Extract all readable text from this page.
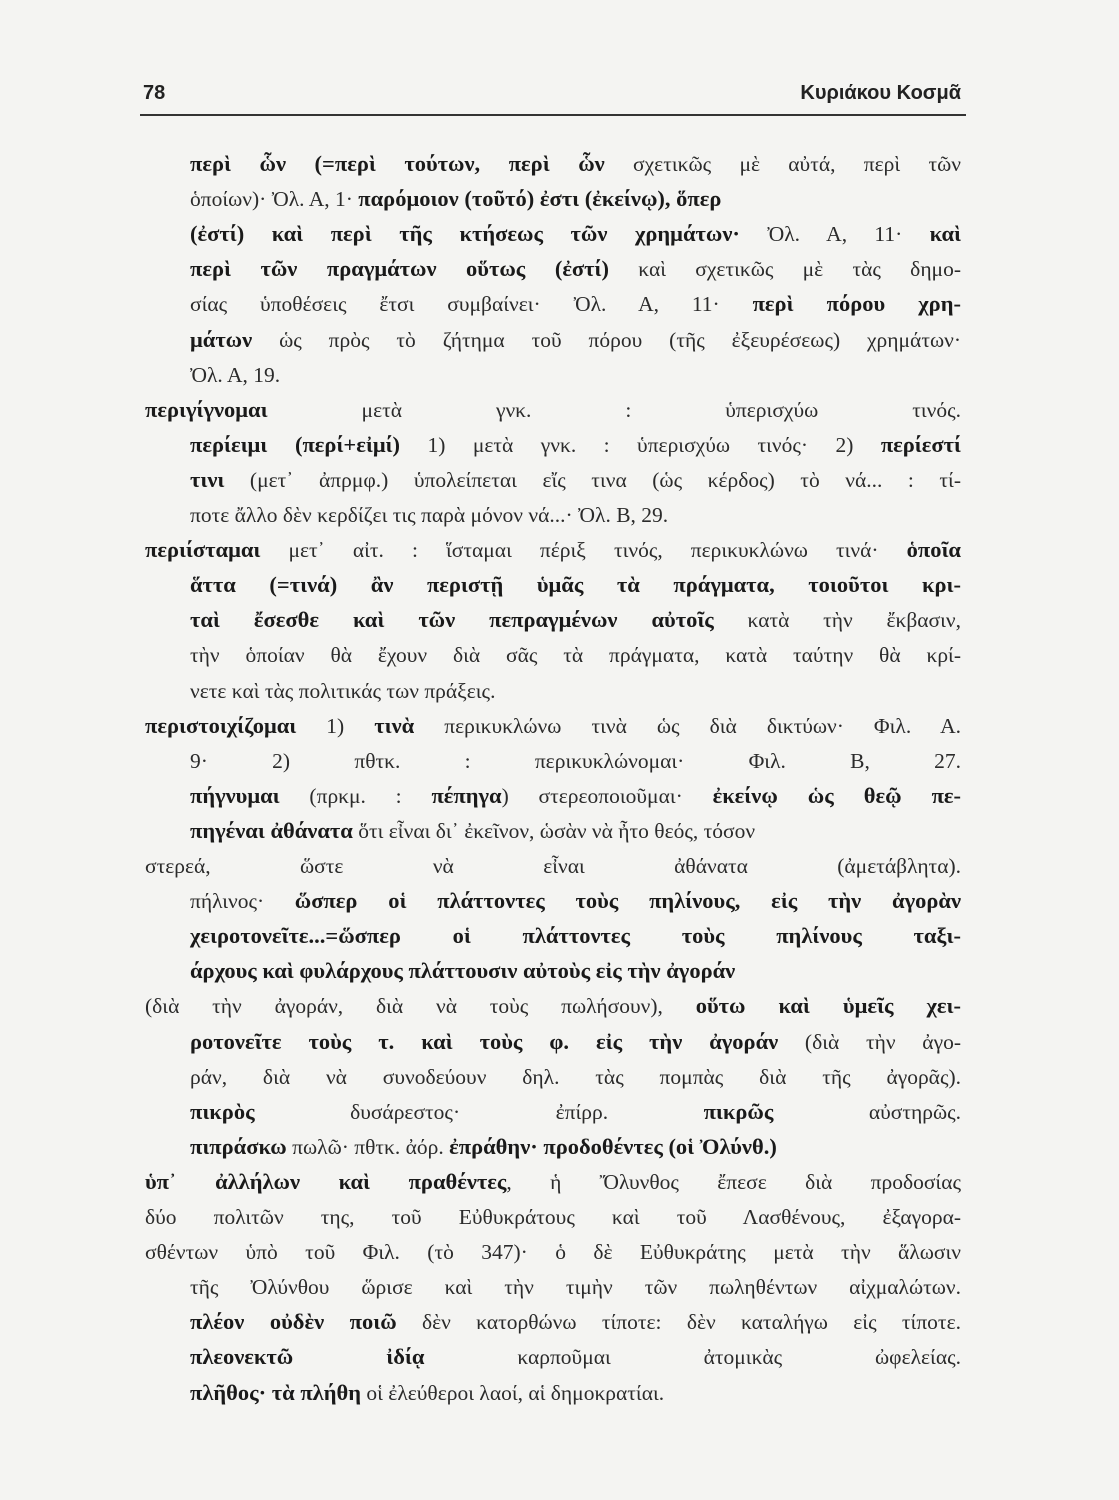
78	Κυριάκου Κοσμᾶ
περὶ ὧν (=περὶ τούτων, περὶ ὧν σχετικῶς μὲ αὐτά, περὶ τῶν
ὁποίων)· Ὀλ. Α, 1· παρόμοιον (τοῦτό) ἐστι (ἐκείνῳ), ὅπερ
(ἐστί) καὶ περὶ τῆς κτήσεως τῶν χρημάτων· Ὀλ. Α, 11· καὶ
περὶ τῶν πραγμάτων οὕτως (ἐστί) καὶ σχετικῶς μὲ τὰς δημο-
σίας ὑποθέσεις ἔτσι συμβαίνει· Ὀλ. Α, 11· περὶ πόρου χρη-
μάτων ὡς πρὸς τὸ ζήτημα τοῦ πόρου (τῆς ἐξευρέσεως) χρημάτων·
Ὀλ. Α, 19.
περιγίγνομαι μετὰ γνκ. : ὑπερισχύω τινός.
περίειμι (περί+εἰμί) 1) μετὰ γνκ. : ὑπερισχύω τινός· 2) περίεστί
τινι (μετ᾽ ἀπρμφ.) ὑπολείπεται εἴς τινα (ὡς κέρδος) τὸ νά... : τί-
ποτε ἄλλο δὲν κερδίζει τις παρὰ μόνον νά...· Ὀλ. Β, 29.
περιίσταμαι μετ᾽ αἰτ. : ἵσταμαι πέριξ τινός, περικυκλώνω τινά· ὁποῖα
ἅττα (=τινά) ἂν περιστῇ ὑμᾶς τὰ πράγματα, τοιοῦτοι κρι-
ταὶ ἔσεσθε καὶ τῶν πεπραγμένων αὐτοῖς κατὰ τὴν ἔκβασιν,
τὴν ὁποίαν θὰ ἔχουν διὰ σᾶς τὰ πράγματα, κατὰ ταύτην θὰ κρί-
νετε καὶ τὰς πολιτικάς των πράξεις.
περιστοιχίζομαι 1) τινὰ περικυκλώνω τινὰ ὡς διὰ δικτύων· Φιλ. Α.
9· 2) πθτκ. : περικυκλώνομαι· Φιλ. Β, 27.
πήγνυμαι (πρκμ. : πέπηγα) στερεοποιοῦμαι· ἐκείνῳ ὡς θεῷ πε-
πηγέναι ἀθάνατα ὅτι εἶναι δι᾽ ἐκεῖνον, ὡσὰν νὰ ἦτο θεός, τόσον
στερεά, ὥστε νὰ εἶναι ἀθάνατα (ἀμετάβλητα).
πήλινος· ὥσπερ οἱ πλάττοντες τοὺς πηλίνους, εἰς τὴν ἀγορὰν
χειροτονεῖτε...=ὥσπερ οἱ πλάττοντες τοὺς πηλίνους ταξι-
άρχους καὶ φυλάρχους πλάττουσιν αὐτοὺς εἰς τὴν ἀγοράν
(διὰ τὴν ἀγοράν, διὰ νὰ τοὺς πωλήσουν), οὕτω καὶ ὑμεῖς χει-
ροτονεῖτε τοὺς τ. καὶ τοὺς φ. εἰς τὴν ἀγοράν (διὰ τὴν ἀγο-
ράν, διὰ νὰ συνοδεύουν δηλ. τὰς πομπὰς διὰ τῆς ἀγορᾶς).
πικρὸς δυσάρεστος· ἐπίρρ. πικρῶς αὐστηρῶς.
πιπράσκω πωλῶ· πθτκ. ἀόρ. ἐπράθην· προδοθέντες (οἱ Ὀλύνθ.)
ὑπ᾽ ἀλλήλων καὶ πραθέντες, ἡ Ὄλυνθος ἔπεσε διὰ προδοσίας
δύο πολιτῶν της, τοῦ Εὐθυκράτους καὶ τοῦ Λασθένους, ἐξαγορα-
σθέντων ὑπὸ τοῦ Φιλ. (τὸ 347)· ὁ δὲ Εὐθυκράτης μετὰ τὴν ἅλωσιν
τῆς Ὀλύνθου ὥρισε καὶ τὴν τιμὴν τῶν πωληθέντων αἰχμαλώτων.
πλέον οὐδὲν ποιῶ δὲν κατορθώνω τίποτε: δὲν καταλήγω εἰς τίποτε.
πλεονεκτῶ ἰδίᾳ καρποῦμαι ἀτομικὰς ὠφελείας.
πλῆθος· τὰ πλήθη οἱ ἐλεύθεροι λαοί, αἱ δημοκρατίαι.
